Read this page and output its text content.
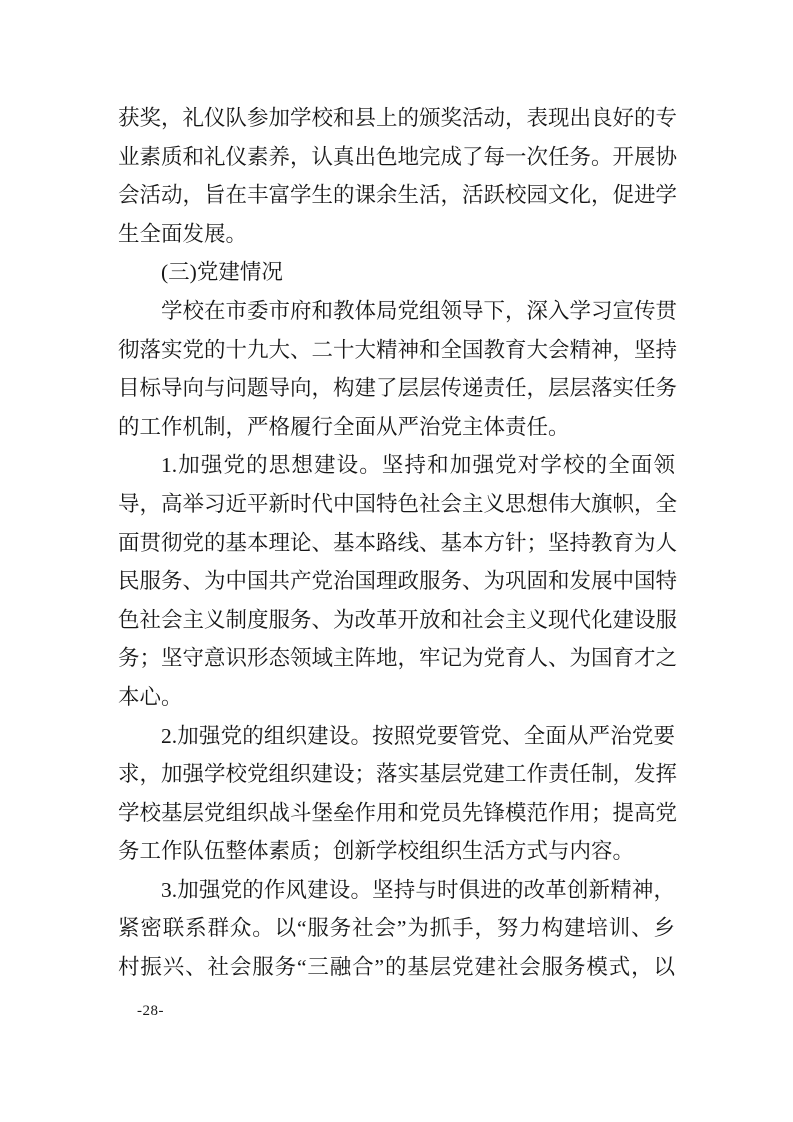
获奖，礼仪队参加学校和县上的颁奖活动，表现出良好的专
业素质和礼仪素养，认真出色地完成了每一次任务。开展协
会活动，旨在丰富学生的课余生活，活跃校园文化，促进学
生全面发展。
(三)党建情况
学校在市委市府和教体局党组领导下，深入学习宣传贯
彻落实党的十九大、二十大精神和全国教育大会精神，坚持
目标导向与问题导向，构建了层层传递责任，层层落实任务
的工作机制，严格履行全面从严治党主体责任。
1.加强党的思想建设。坚持和加强党对学校的全面领
导，高举习近平新时代中国特色社会主义思想伟大旗帜，全
面贯彻党的基本理论、基本路线、基本方针；坚持教育为人
民服务、为中国共产党治国理政服务、为巩固和发展中国特
色社会主义制度服务、为改革开放和社会主义现代化建设服
务；坚守意识形态领域主阵地，牢记为党育人、为国育才之
本心。
2.加强党的组织建设。按照党要管党、全面从严治党要
求，加强学校党组织建设；落实基层党建工作责任制，发挥
学校基层党组织战斗堡垒作用和党员先锋模范作用；提高党
务工作队伍整体素质；创新学校组织生活方式与内容。
3.加强党的作风建设。坚持与时俱进的改革创新精神，
紧密联系群众。以“服务社会”为抓手，努力构建培训、乡
村振兴、社会服务“三融合”的基层党建社会服务模式，以
-28-
